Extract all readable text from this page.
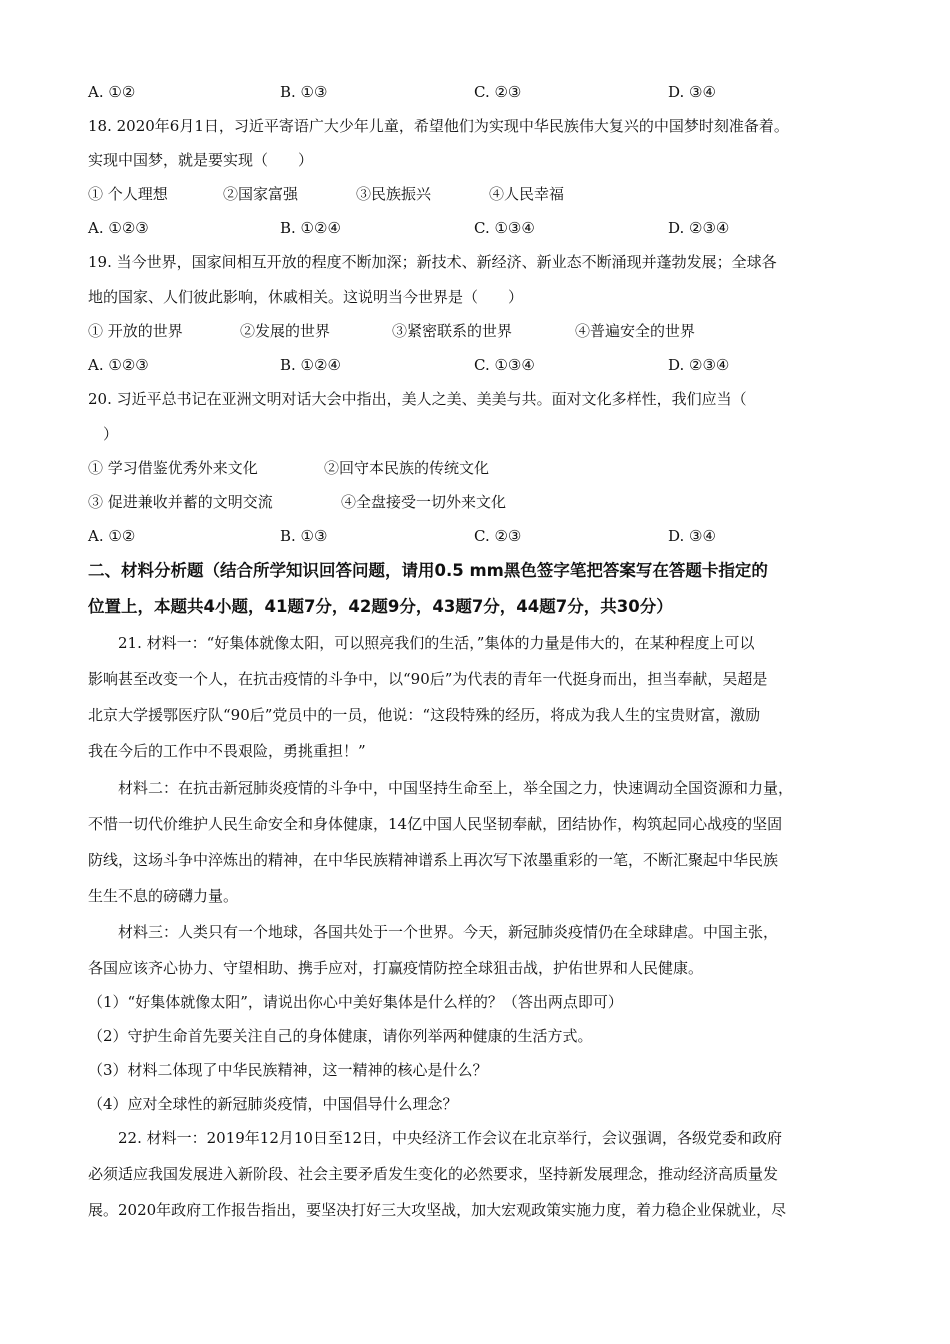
A. ①②	B. ①③	C. ②③	D. ③④
18. 2020年6月1日，习近平寄语广大少年儿童，希望他们为实现中华民族伟大复兴的中国梦时刻准备着。
实现中国梦，就是要实现（　　）
① 个人理想	②国家富强	③民族振兴	④人民幸福
A. ①②③	B. ①②④	C. ①③④	D. ②③④
19. 当今世界，国家间相互开放的程度不断加深；新技术、新经济、新业态不断涌现并蓬勃发展；全球各
地的国家、人们彼此影响，休戚相关。这说明当今世界是（　　）
① 开放的世界	②发展的世界	③紧密联系的世界	④普遍安全的世界
A. ①②③	B. ①②④	C. ①③④	D. ②③④
20. 习近平总书记在亚洲文明对话大会中指出，美人之美、美美与共。面对文化多样性，我们应当（
　）
① 学习借鉴优秀外来文化	②回守本民族的传统文化
③ 促进兼收并蓄的文明交流	④全盘接受一切外来文化
A. ①②	B. ①③	C. ②③	D. ③④
二、材料分析题（结合所学知识回答问题，请用0.5 mm黑色签字笔把答案写在答题卡指定的
位置上，本题共4小题，41题7分，42题9分，43题7分，44题7分，共30分）
21. 材料一：“好集体就像太阳，可以照亮我们的生活，”集体的力量是伟大的，在某种程度上可以
影响甚至改变一个人，在抗击疫情的斗争中，以“90后”为代表的青年一代挺身而出，担当奉献，吴超是
北京大学援鄂医疗队“90后”党员中的一员，他说：“这段特殊的经历，将成为我人生的宝贵财富，激励
我在今后的工作中不畏艰险，勇挑重担！”
材料二：在抗击新冠肺炎疫情的斗争中，中国坚持生命至上，举全国之力，快速调动全国资源和力量，
不惜一切代价维护人民生命安全和身体健康，14亿中国人民坚韧奉献，团结协作，构筑起同心战疫的坚固
防线，这场斗争中淬炼出的精神，在中华民族精神谱系上再次写下浓墨重彩的一笔，不断汇聚起中华民族
生生不息的磅礴力量。
材料三：人类只有一个地球，各国共处于一个世界。今天，新冠肺炎疫情仍在全球肆虐。中国主张，
各国应该齐心协力、守望相助、携手应对，打赢疫情防控全球狙击战，护佑世界和人民健康。
（1）“好集体就像太阳”，请说出你心中美好集体是什么样的？（答出两点即可）
（2）守护生命首先要关注自己的身体健康，请你列举两种健康的生活方式。
（3）材料二体现了中华民族精神，这一精神的核心是什么？
（4）应对全球性的新冠肺炎疫情，中国倡导什么理念？
22. 材料一：2019年12月10日至12日，中央经济工作会议在北京举行，会议强调，各级党委和政府
必须适应我国发展进入新阶段、社会主要矛盾发生变化的必然要求，坚持新发展理念，推动经济高质量发
展。2020年政府工作报告指出，要坚决打好三大攻坚战，加大宏观政策实施力度，着力稳企业保就业，尽
